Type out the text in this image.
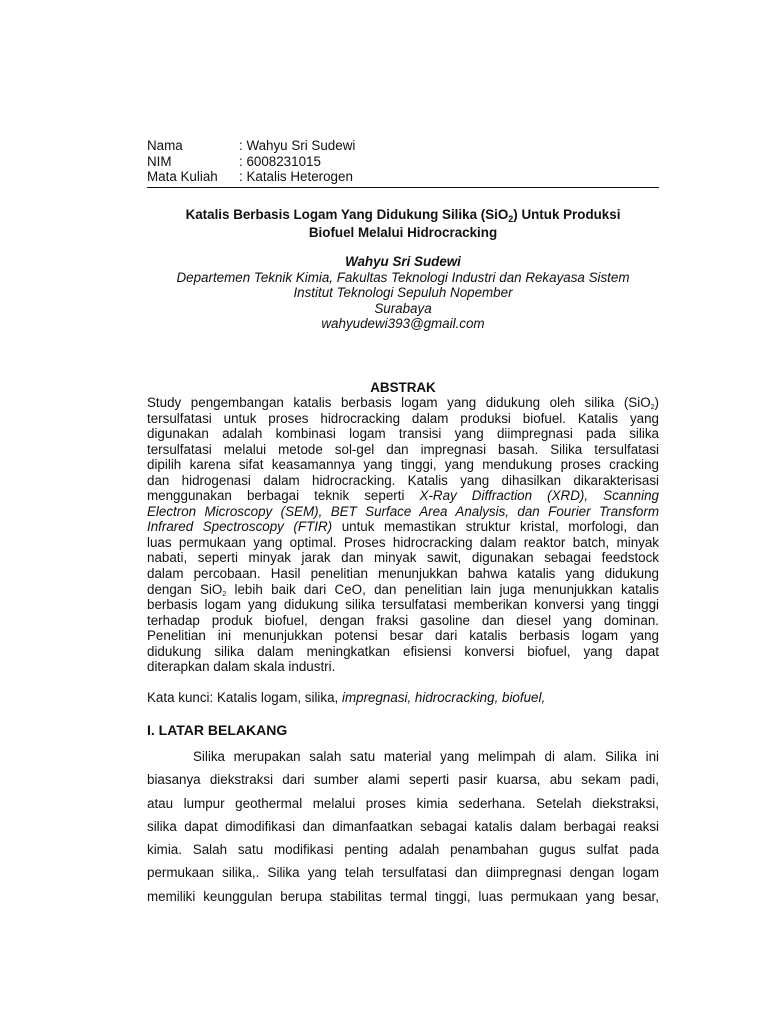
Nama	: Wahyu Sri Sudewi
NIM	: 6008231015
Mata Kuliah : Katalis Heterogen
Katalis Berbasis Logam Yang Didukung Silika (SiO$_2$) Untuk Produksi
Biofuel Melalui Hidrocracking
Wahyu Sri Sudewi
Departemen Teknik Kimia, Fakultas Teknologi Industri dan Rekayasa Sistem
Institut Teknologi Sepuluh Nopember
Surabaya
wahyudewi393@gmail.com
ABSTRAK
Study pengembangan katalis berbasis logam yang didukung oleh silika (SiO$_2$)
tersulfatasi untuk proses hidrocracking dalam produksi biofuel. Katalis yang
digunakan adalah kombinasi logam transisi yang diimpregnasi pada silika
tersulfatasi melalui metode sol-gel dan impregnasi basah. Silika tersulfatasi
dipilih karena sifat keasamannya yang tinggi, yang mendukung proses cracking
dan hidrogenasi dalam hidrocracking. Katalis yang dihasilkan dikarakterisasi
menggunakan berbagai teknik seperti X-Ray Diffraction (XRD), Scanning
Electron Microscopy (SEM), BET Surface Area Analysis, dan Fourier Transform
Infrared Spectroscopy (FTIR) untuk memastikan struktur kristal, morfologi, dan
luas permukaan yang optimal. Proses hidrocracking dalam reaktor batch, minyak
nabati, seperti minyak jarak dan minyak sawit, digunakan sebagai feedstock
dalam percobaan. Hasil penelitian menunjukkan bahwa katalis yang didukung
dengan SiO$_2$ lebih baik dari CeO, dan penelitian lain juga menunjukkan katalis
berbasis logam yang didukung silika tersulfatasi memberikan konversi yang tinggi
terhadap produk biofuel, dengan fraksi gasoline dan diesel yang dominan.
Penelitian ini menunjukkan potensi besar dari katalis berbasis logam yang
didukung silika dalam meningkatkan efisiensi konversi biofuel, yang dapat
diterapkan dalam skala industri.
Kata kunci: Katalis logam, silika, impregnasi, hidrocracking, biofuel,
I. LATAR BELAKANG
Silika merupakan salah satu material yang melimpah di alam. Silika ini
biasanya diekstraksi dari sumber alami seperti pasir kuarsa, abu sekam padi,
atau lumpur geothermal melalui proses kimia sederhana. Setelah diekstraksi,
silika dapat dimodifikasi dan dimanfaatkan sebagai katalis dalam berbagai reaksi
kimia. Salah satu modifikasi penting adalah penambahan gugus sulfat pada
permukaan silika,. Silika yang telah tersulfatasi dan diimpregnasi dengan logam
memiliki keunggulan berupa stabilitas termal tinggi, luas permukaan yang besar,
